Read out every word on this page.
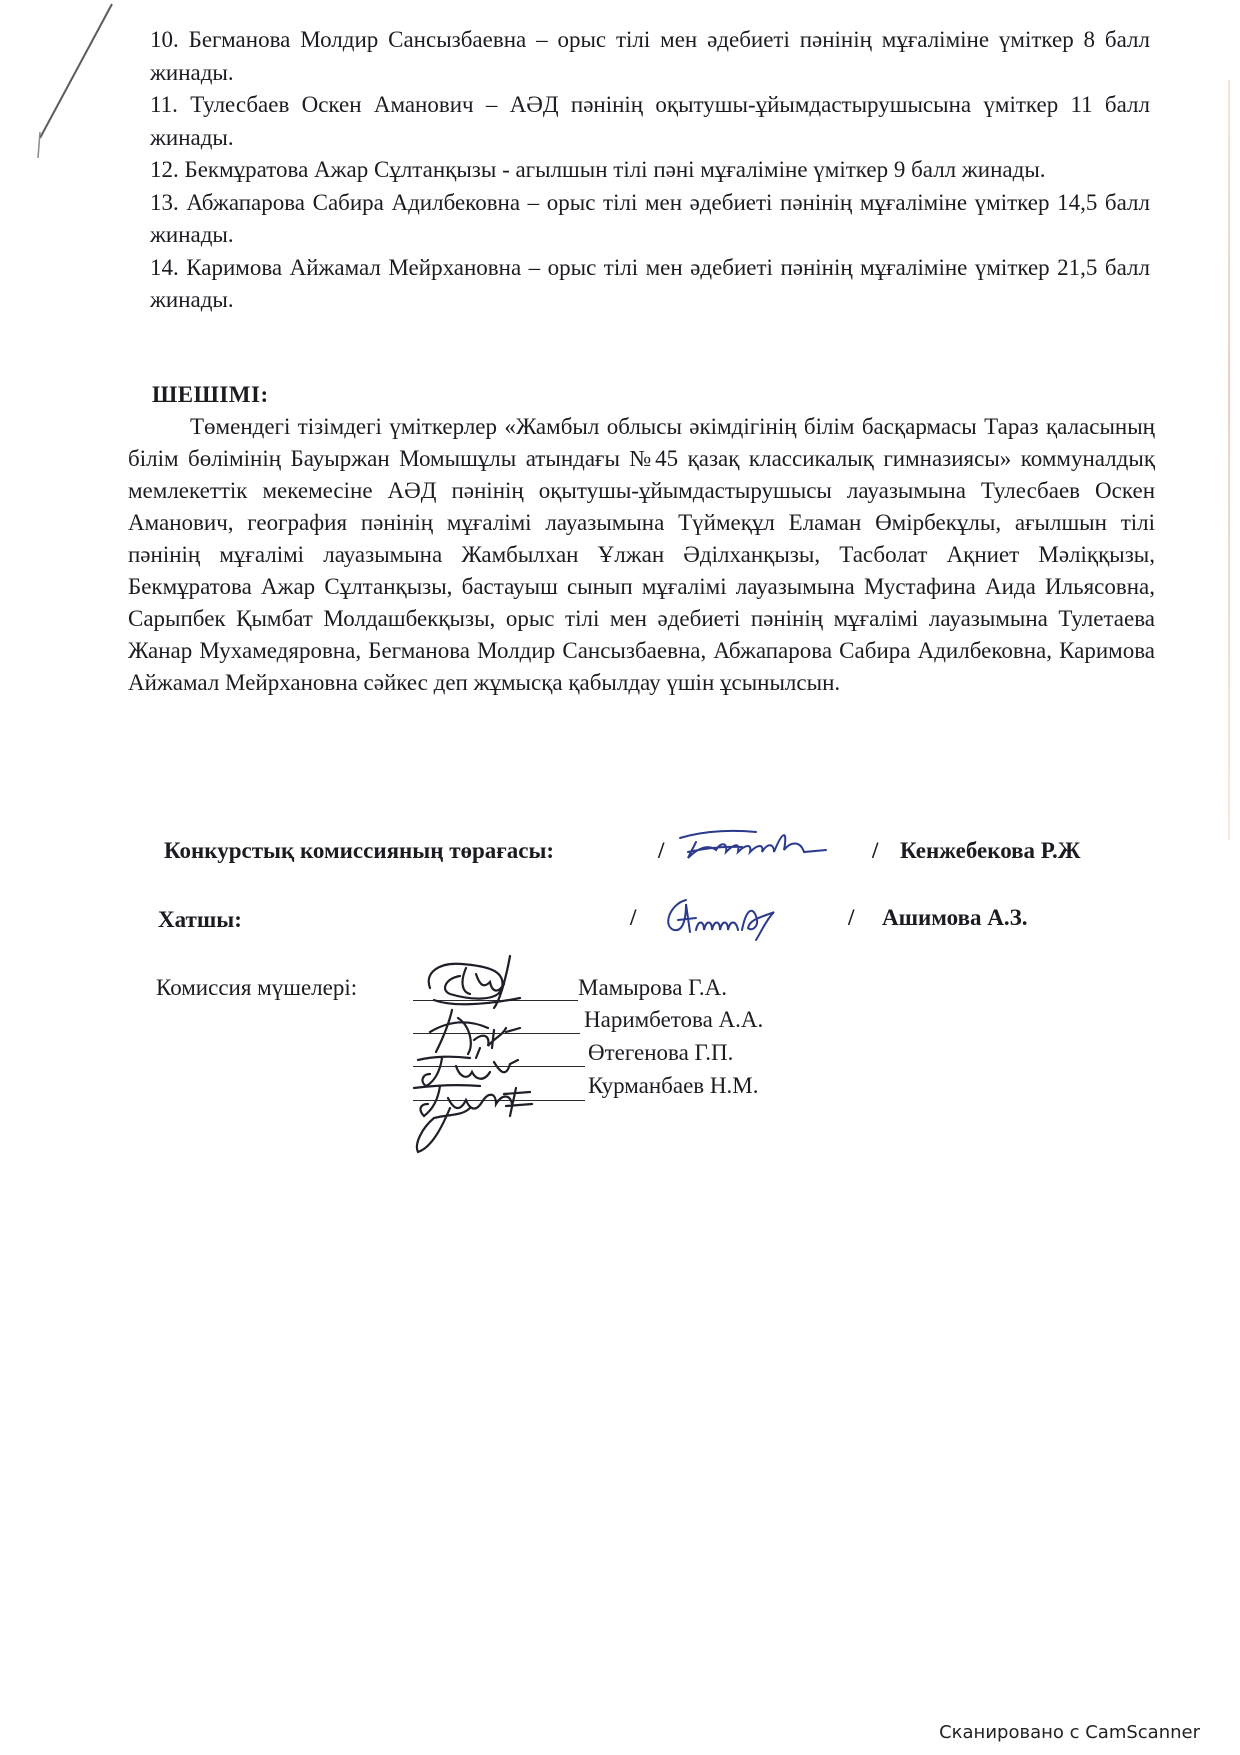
10. Бегманова Молдир Сансызбаевна – орыс тілі мен әдебиеті пәнінің мұғаліміне үміткер 8 балл жинады.

11. Тулесбаев Оскен Аманович – АӘД пәнінің оқытушы-ұйымдастырушысына үміткер 11 балл жинады.

12. Бекмұратова Ажар Сұлтанқызы - агылшын тілі пәні мұғаліміне үміткер 9 балл жинады.

13. Абжапарова Сабира Адилбековна – орыс тілі мен әдебиеті пәнінің мұғаліміне үміткер 14,5 балл жинады.

14. Каримова Айжамал Мейрхановна – орыс тілі мен әдебиеті пәнінің мұғаліміне үміткер 21,5 балл жинады.

ШЕШІМІ:

Төмендегі тізімдегі үміткерлер «Жамбыл облысы әкімдігінің білім басқармасы Тараз қаласының білім бөлімінің Бауыржан Момышұлы атындағы №45 қазақ классикалық гимназиясы» коммуналдық мемлекеттік мекемесіне АӘД пәнінің оқытушы-ұйымдастырушысы лауазымына Тулесбаев Оскен Аманович, география пәнінің мұғалімі лауазымына Түймеқұл Еламан Өмірбекұлы, ағылшын тілі пәнінің мұғалімі лауазымына Жамбылхан Ұлжан Әділханқызы, Тасболат Ақниет Мәліққызы, Бекмұратова Ажар Сұлтанқызы, бастауыш сынып мұғалімі лауазымына Мустафина Аида Ильясовна, Сарыпбек Қымбат Молдашбекқызы, орыс тілі мен әдебиеті пәнінің мұғалімі лауазымына Тулетаева Жанар Мухамедяровна, Бегманова Молдир Сансызбаевна, Абжапарова Сабира Адилбековна, Каримова Айжамал Мейрхановна сәйкес деп жұмысқа қабылдау үшін ұсынылсын.

Конкурстық комиссияның төрағасы:	/	/ Кенжебекова Р.Ж
Хатшы:	/	/ Ашимова А.З.
Комиссия мүшелері:	Мамырова Г.А.
Наримбетова А.А.
Өтегенова Г.П.
Курманбаев Н.М.
Сканировано с CamScanner
